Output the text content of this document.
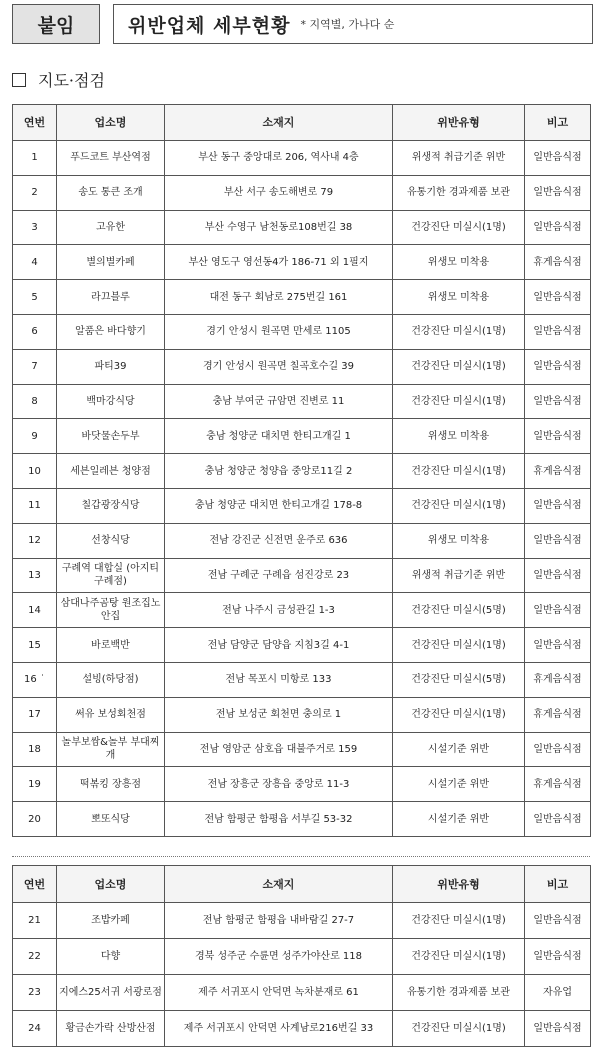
붙임	위반업체 세부현황 * 지역별, 가나다 순
지도·점검
연번	업소명	소재지	위반유형	비고
1	푸드코트 부산역점	부산 동구 중앙대로 206, 역사내 4층	위생적 취급기준 위반	일반음식점
2	송도 통큰 조개	부산 서구 송도해변로 79	유통기한 경과제품 보관	일반음식점
3	고유한	부산 수영구 남천동로108번길 38	건강진단 미실시(1명)	일반음식점
4	별의별카페	부산 영도구 영선동4가 186-71 외 1필지	위생모 미착용	휴게음식점
5	라끄블루	대전 동구 회남로 275번길 161	위생모 미착용	일반음식점
6	알품은 바다향기	경기 안성시 원곡면 만세로 1105	건강진단 미실시(1명)	일반음식점
7	파티39	경기 안성시 원곡면 칠곡호수길 39	건강진단 미실시(1명)	일반음식점
8	백마강식당	충남 부여군 규암면 진변로 11	건강진단 미실시(1명)	일반음식점
9	바닷물손두부	충남 청양군 대치면 한티고개길 1	위생모 미착용	일반음식점
10	세븐일레븐 청양점	충남 청양군 청양읍 중앙로11길 2	건강진단 미실시(1명)	휴게음식점
11	칠갑광장식당	충남 청양군 대치면 한티고개길 178-8	건강진단 미실시(1명)	일반음식점
12	선창식당	전남 강진군 신전면 운주로 636	위생모 미착용	일반음식점
13	구례역 대합실 (아지티 구례점)	전남 구례군 구례읍 섬진강로 23	위생적 취급기준 위반	일반음식점
14	삼대나주곰탕 원조집노안집	전남 나주시 금성관길 1-3	건강진단 미실시(5명)	일반음식점
15	바로백반	전남 담양군 담양읍 지침3길 4-1	건강진단 미실시(1명)	일반음식점
16 ˙	설빙(하당점)	전남 목포시 미항로 133	건강진단 미실시(5명)	휴게음식점
17	써유 보성회천점	전남 보성군 회천면 충의로 1	건강진단 미실시(1명)	휴게음식점
18	놀부보쌈&놀부 부대찌개	전남 영암군 삼호읍 대불주거로 159	시설기준 위반	일반음식점
19	떡볶킹 장흥점	전남 장흥군 장흥읍 중앙로 11-3	시설기준 위반	휴게음식점
20	뽀또식당	전남 함평군 함평읍 서부길 53-32	시설기준 위반	일반음식점
연번	업소명	소재지	위반유형	비고
21	조밥카페	전남 함평군 함평읍 내바람길 27-7	건강진단 미실시(1명)	일반음식점
22	다향	경북 성주군 수륜면 성주가야산로 118	건강진단 미실시(1명)	일반음식점
23	지에스25서귀 서광로점	제주 서귀포시 안덕면 녹차분재로 61	유통기한 경과제품 보관	자유업
24	황금손가락 산방산점	제주 서귀포시 안덕면 사계남로216번길 33	건강진단 미실시(1명)	일반음식점
